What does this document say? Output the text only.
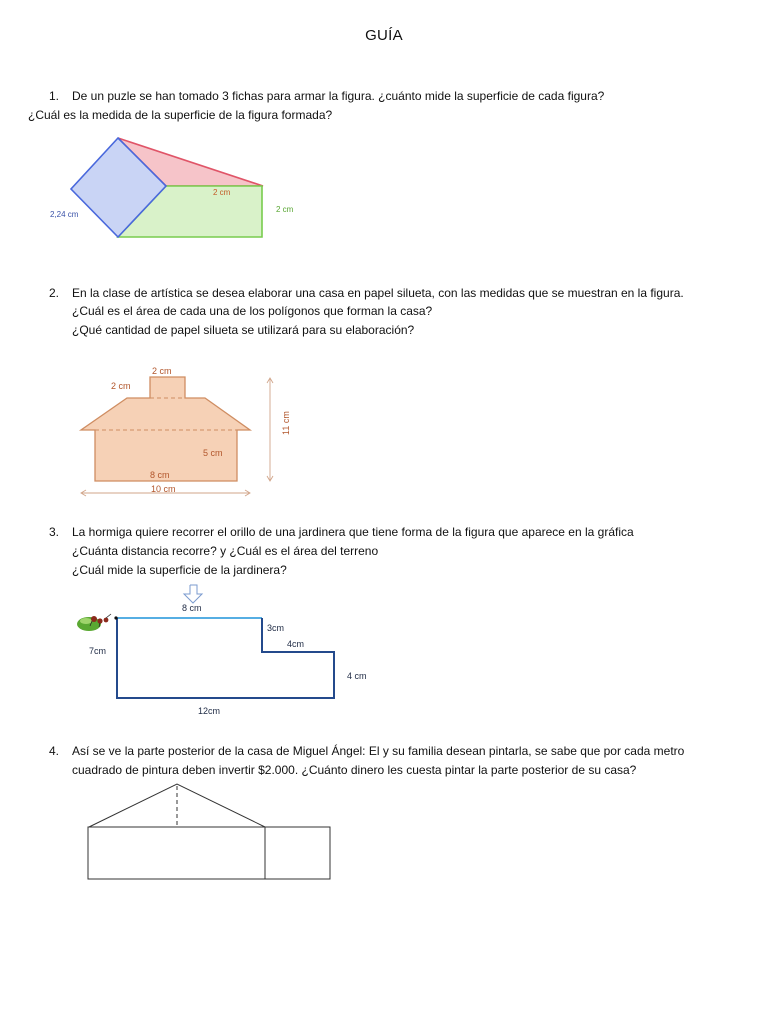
GUÍA
1. De un puzle se han tomado 3 fichas para armar la figura. ¿cuánto mide la superficie de cada figura?
¿Cuál es la medida de la superficie de la figura formada?
2,24 cm
2 cm
2 cm
2. En la clase de artística se desea elaborar una casa en papel silueta, con las medidas que se muestran en la figura.
¿Cuál es el área de cada una de los polígonos que forman la casa?
¿Qué cantidad de papel silueta se utilizará para su elaboración?
2 cm
2 cm
5 cm
8 cm
10 cm
11 cm
3. La hormiga quiere recorrer el orillo de una jardinera que tiene forma de la figura que aparece en la gráfica
¿Cuánta distancia recorre? y ¿Cuál es el área del terreno
¿Cuál mide la superficie de la jardinera?
8 cm
3cm
4cm
4 cm
7cm
12cm
4. Así se ve la parte posterior de la casa de Miguel Ángel: El y su familia desean pintarla, se sabe que por cada metro
cuadrado de pintura deben invertir $2.000. ¿Cuánto dinero les cuesta pintar la parte posterior de su casa?
